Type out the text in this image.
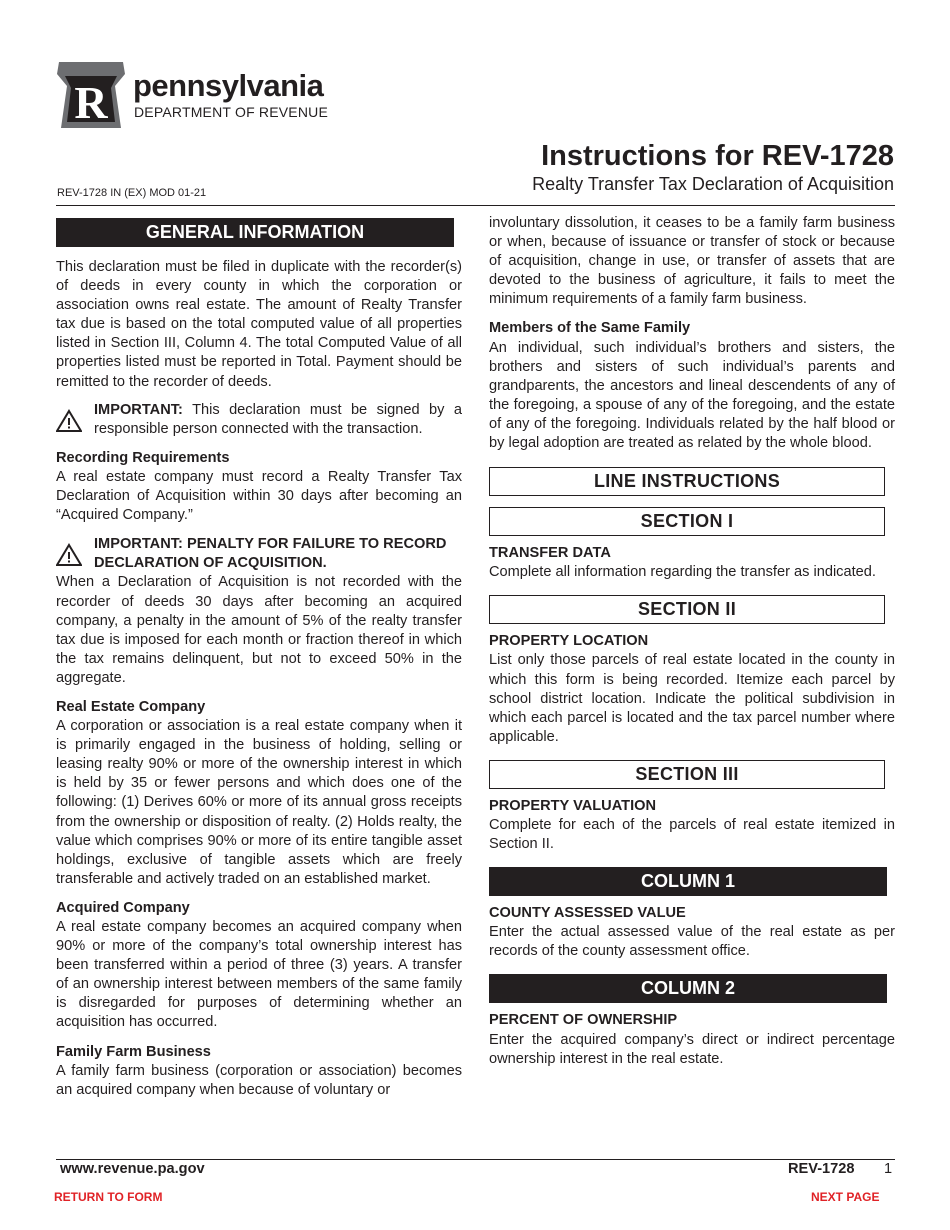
R pennsylvania
DEPARTMENT OF REVENUE
Instructions for REV-1728
Realty Transfer Tax Declaration of Acquisition
REV-1728 IN (EX) MOD 01-21
GENERAL INFORMATION

This declaration must be filed in duplicate with the recorder(s) of deeds in every county in which the corporation or association owns real estate. The amount of Realty Transfer tax due is based on the total computed value of all properties listed in Section III, Column 4. The total Computed Value of all properties listed must be reported in Total. Payment should be remitted to the recorder of deeds.

IMPORTANT: This declaration must be signed by a responsible person connected with the transaction.

Recording Requirements

A real estate company must record a Realty Transfer Tax Declaration of Acquisition within 30 days after becoming an “Acquired Company.”

IMPORTANT: PENALTY FOR FAILURE TO RECORD DECLARATION OF ACQUISITION.

When a Declaration of Acquisition is not recorded with the recorder of deeds 30 days after becoming an acquired company, a penalty in the amount of 5% of the realty transfer tax due is imposed for each month or fraction thereof in which the tax remains delinquent, but not to exceed 50% in the aggregate.

Real Estate Company

A corporation or association is a real estate company when it is primarily engaged in the business of holding, selling or leasing realty 90% or more of the ownership interest in which is held by 35 or fewer persons and which does one of the following: (1) Derives 60% or more of its annual gross receipts from the ownership or disposition of realty. (2) Holds realty, the value which comprises 90% or more of its entire tangible asset holdings, exclusive of tangible assets which are freely transferable and actively traded on an established market.

Acquired Company

A real estate company becomes an acquired company when 90% or more of the company’s total ownership interest has been transferred within a period of three (3) years. A transfer of an ownership interest between members of the same family is disregarded for purposes of determining whether an acquisition has occurred.

Family Farm Business

A family farm business (corporation or association) becomes an acquired company when because of voluntary or

involuntary dissolution, it ceases to be a family farm business or when, because of issuance or transfer of stock or because of acquisition, change in use, or transfer of assets that are devoted to the business of agriculture, it fails to meet the minimum requirements of a family farm business.

Members of the Same Family

An individual, such individual’s brothers and sisters, the brothers and sisters of such individual’s parents and grandparents, the ancestors and lineal descendents of any of the foregoing, a spouse of any of the foregoing, and the estate of any of the foregoing. Individuals related by the half blood or by legal adoption are treated as related by the whole blood.

LINE INSTRUCTIONS
SECTION I

TRANSFER DATA

Complete all information regarding the transfer as indicated.

SECTION II

PROPERTY LOCATION

List only those parcels of real estate located in the county in which this form is being recorded. Itemize each parcel by school district location. Indicate the political subdivision in which each parcel is located and the tax parcel number where applicable.

SECTION III

PROPERTY VALUATION

Complete for each of the parcels of real estate itemized in Section II.

COLUMN 1

COUNTY ASSESSED VALUE

Enter the actual assessed value of the real estate as per records of the county assessment office.

COLUMN 2

PERCENT OF OWNERSHIP

Enter the acquired company’s direct or indirect percentage ownership interest in the real estate.

www.revenue.pa.gov	REV-1728 1
RETURN TO FORM	NEXT PAGE
